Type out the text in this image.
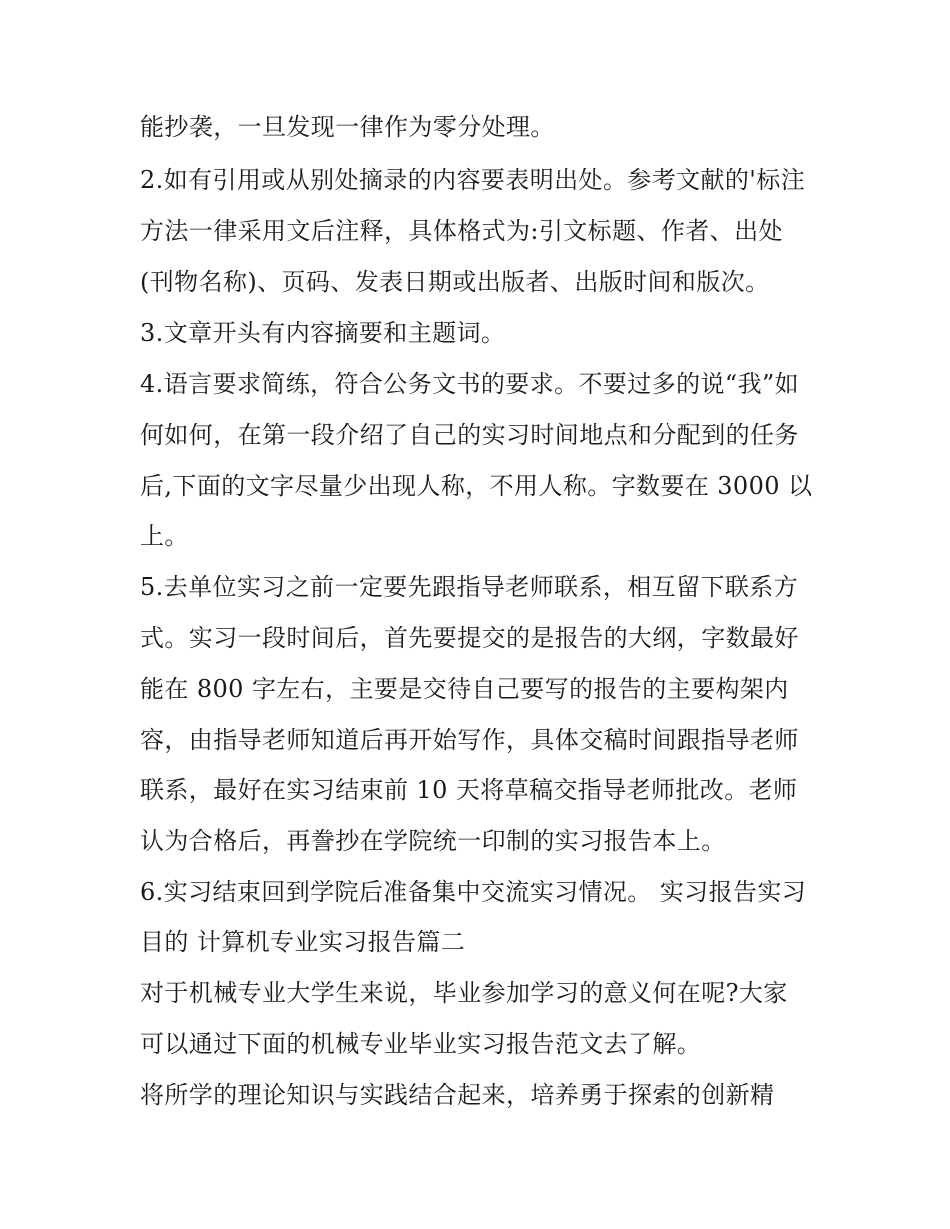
能抄袭，一旦发现一律作为零分处理。
2.如有引用或从别处摘录的内容要表明出处。参考文献的'标注
方法一律采用文后注释，具体格式为:引文标题、作者、出处
(刊物名称)、页码、发表日期或出版者、出版时间和版次。
3.文章开头有内容摘要和主题词。
4.语言要求简练，符合公务文书的要求。不要过多的说“我”如
何如何，在第一段介绍了自己的实习时间地点和分配到的任务
后,下面的文字尽量少出现人称，不用人称。字数要在 3000 以
上。
5.去单位实习之前一定要先跟指导老师联系，相互留下联系方
式。实习一段时间后，首先要提交的是报告的大纲，字数最好
能在 800 字左右，主要是交待自己要写的报告的主要构架内
容，由指导老师知道后再开始写作，具体交稿时间跟指导老师
联系，最好在实习结束前 10 天将草稿交指导老师批改。老师
认为合格后，再誊抄在学院统一印制的实习报告本上。
6.实习结束回到学院后准备集中交流实习情况。 实习报告实习
目的 计算机专业实习报告篇二
对于机械专业大学生来说，毕业参加学习的意义何在呢?大家
可以通过下面的机械专业毕业实习报告范文去了解。
将所学的理论知识与实践结合起来，培养勇于探索的创新精
